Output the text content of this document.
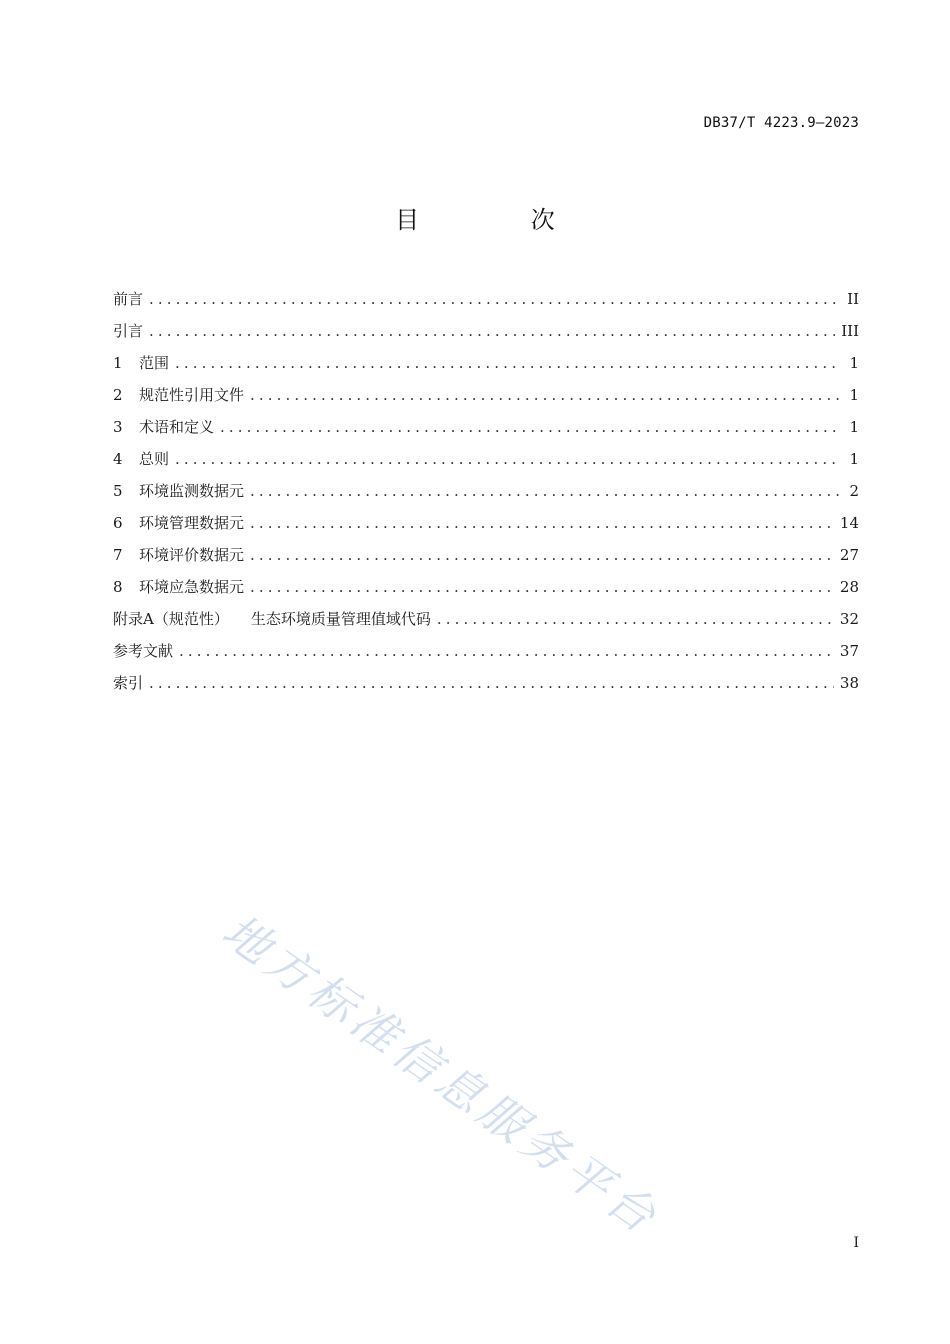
DB37/T 4223.9—2023
目 次
前言 .....	II
引言 .....	III
1	范围 .....	1
2	规范性引用文件 .....	1
3	术语和定义 .....	1
4	总则 .....	1
5	环境监测数据元 .....	2
6	环境管理数据元 .....	14
7	环境评价数据元 .....	27
8	环境应急数据元 .....	28
附录A（规范性） 生态环境质量管理值域代码 .....	32
参考文献 .....	37
索引 .....	38
地方标准信息服务平台	I
